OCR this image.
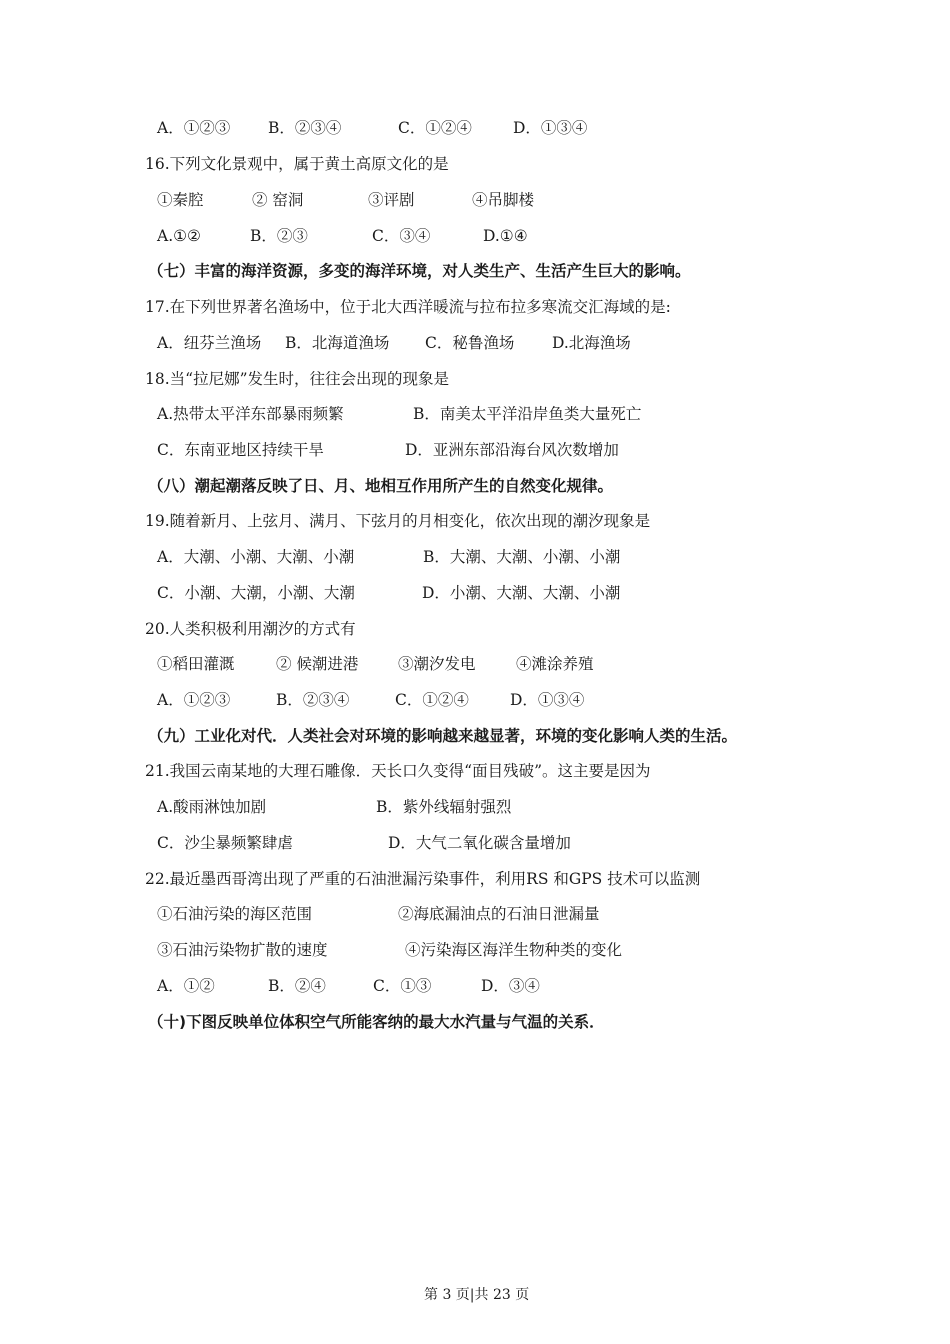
A．①②③ B．②③④	C．①②④	D．①③④
16.下列文化景观中，属于黄土高原文化的是
①秦腔	② 窑洞	③评剧	④吊脚楼
A.①②	B．②③	C．③④	D.①④
（七）丰富的海洋资源，多变的海洋环境，对人类生产、生活产生巨大的影响。
17.在下列世界著名渔场中，位于北大西洋暖流与拉布拉多寒流交汇海域的是:
A．纽芬兰渔场 B．北海道渔场 C．秘鲁渔场 D.北海渔场
18.当“拉尼娜”发生时，往往会出现的现象是
A.热带太平洋东部暴雨频繁	B．南美太平洋沿岸鱼类大量死亡
C．东南亚地区持续干旱	D．亚洲东部沿海台风次数增加
（八）潮起潮落反映了日、月、地相互作用所产生的自然变化规律。
19.随着新月、上弦月、满月、下弦月的月相变化，依次出现的潮汐现象是
A．大潮、小潮、大潮、小潮	B．大潮、大潮、小潮、小潮
C．小潮、大潮，小潮、大潮	D．小潮、大潮、大潮、小潮
20.人类积极利用潮汐的方式有
①稻田灌溉	② 候潮进港	③潮汐发电	④滩涂养殖
A．①②③	B．②③④	C．①②④	D．①③④
（九）工业化对代．人类社会对环境的影响越来越显著，环境的变化影响人类的生活。
21.我国云南某地的大理石雕像．天长口久变得“面目残破”。这主要是因为
A.酸雨淋蚀加剧	B．紫外线辐射强烈
C．沙尘暴频繁肆虐	D．大气二氧化碳含量增加
22.最近墨西哥湾出现了严重的石油泄漏污染事件，利用RS 和GPS 技术可以监测
①石油污染的海区范围	②海底漏油点的石油日泄漏量
③石油污染物扩散的速度	④污染海区海洋生物种类的变化
A．①②	B．②④	C．①③	D．③④
（十)下图反映单位体积空气所能客纳的最大水汽量与气温的关系．
第 3 页|共 23 页
